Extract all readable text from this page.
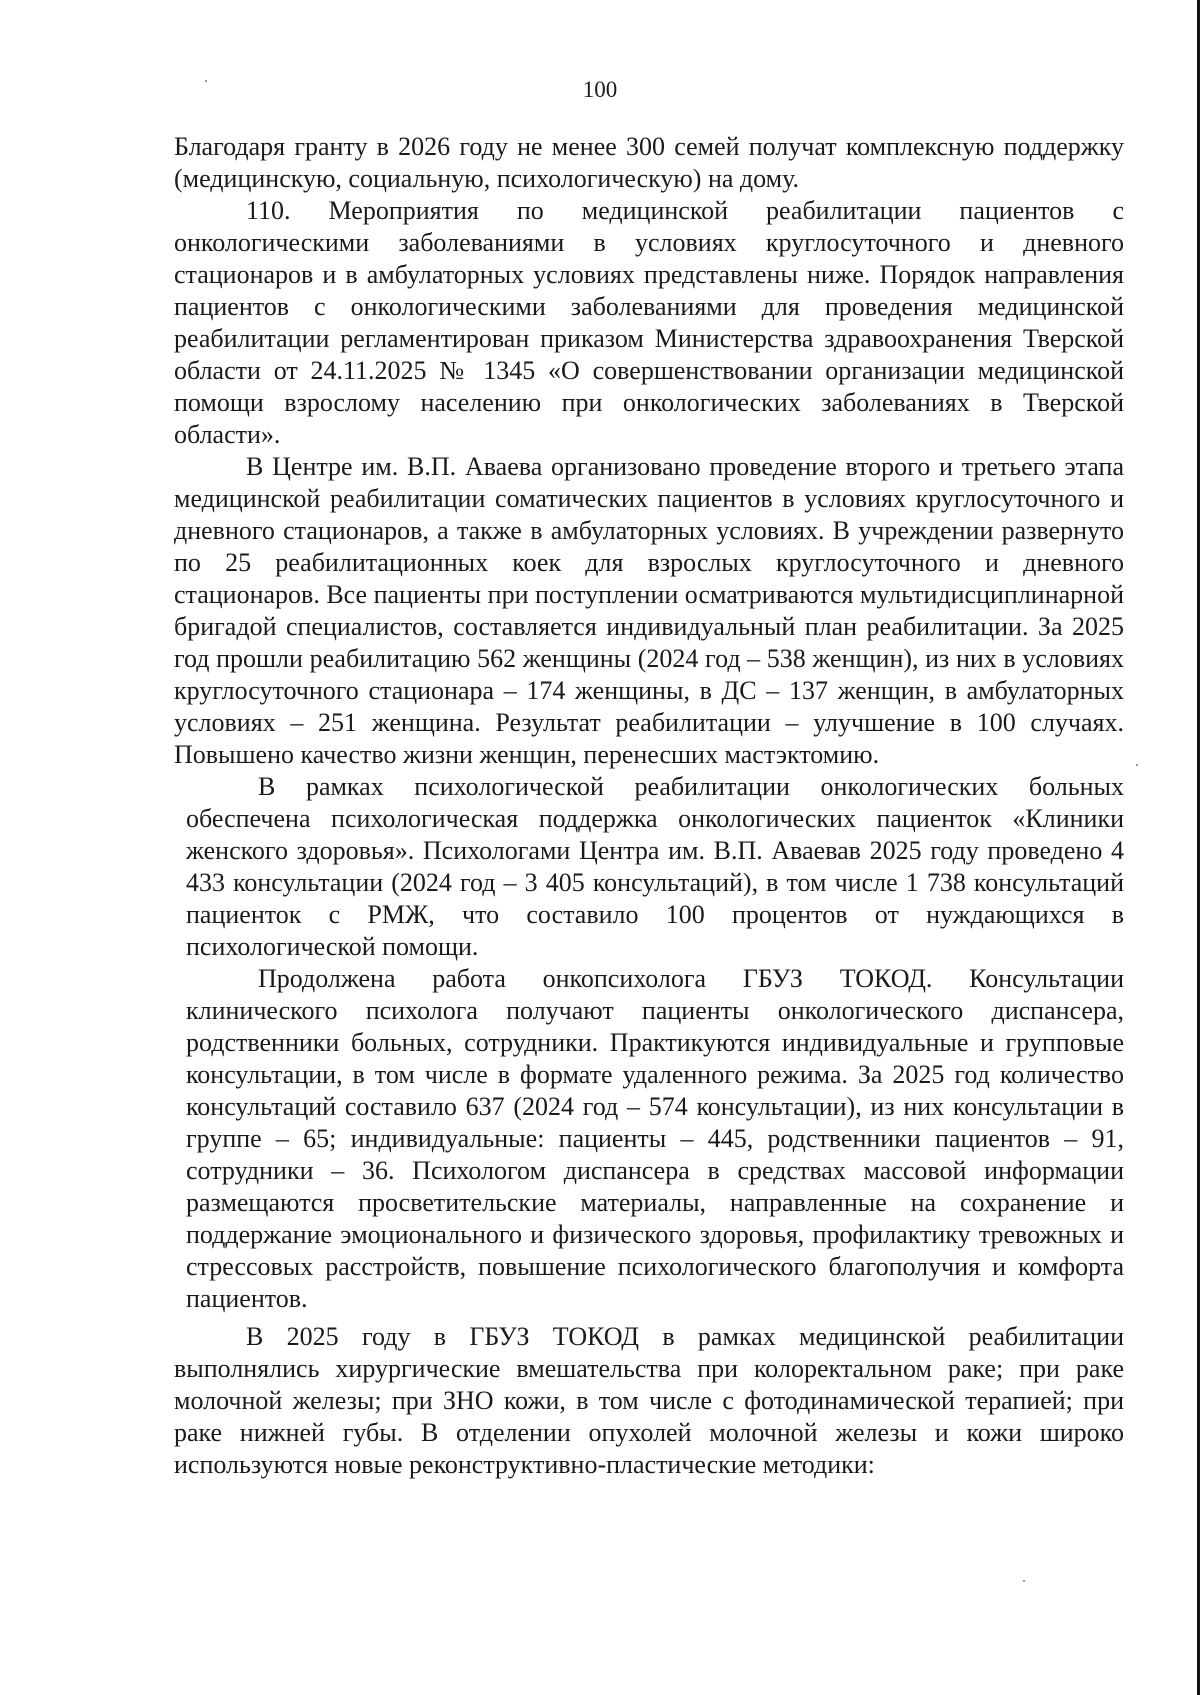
100

Благодаря гранту в 2026 году не менее 300 семей получат комплексную поддержку (медицинскую, социальную, психологическую) на дому.

110. Мероприятия по медицинской реабилитации пациентов с онкологическими заболеваниями в условиях круглосуточного и дневного стационаров и в амбулаторных условиях представлены ниже. Порядок направления пациентов с онкологическими заболеваниями для проведения медицинской реабилитации регламентирован приказом Министерства здравоохранения Тверской области от 24.11.2025 № 1345 «О совершенствовании организации медицинской помощи взрослому населению при онкологических заболеваниях в Тверской области».

В Центре им. В.П. Аваева организовано проведение второго и третьего этапа медицинской реабилитации соматических пациентов в условиях круглосуточного и дневного стационаров, а также в амбулаторных условиях. В учреждении развернуто по 25 реабилитационных коек для взрослых круглосуточного и дневного стационаров. Все пациенты при поступлении осматриваются мультидисциплинарной бригадой специалистов, составляется индивидуальный план реабилитации. За 2025 год прошли реабилитацию 562 женщины (2024 год – 538 женщин), из них в условиях круглосуточного стационара – 174 женщины, в ДС – 137 женщин, в амбулаторных условиях – 251 женщина. Результат реабилитации – улучшение в 100 случаях. Повышено качество жизни женщин, перенесших мастэктомию.

В рамках психологической реабилитации онкологических больных обеспечена психологическая поддержка онкологических пациенток «Клиники женского здоровья». Психологами Центра им. В.П. Аваевав 2025 году проведено 4 433 консультации (2024 год – 3 405 консультаций), в том числе 1 738 консультаций пациенток с РМЖ, что составило 100 процентов от нуждающихся в психологической помощи.

Продолжена работа онкопсихолога ГБУЗ ТОКОД. Консультации клинического психолога получают пациенты онкологического диспансера, родственники больных, сотрудники. Практикуются индивидуальные и групповые консультации, в том числе в формате удаленного режима. За 2025 год количество консультаций составило 637 (2024 год – 574 консультации), из них консультации в группе – 65; индивидуальные: пациенты – 445, родственники пациентов – 91, сотрудники – 36. Психологом диспансера в средствах массовой информации размещаются просветительские материалы, направленные на сохранение и поддержание эмоционального и физического здоровья, профилактику тревожных и стрессовых расстройств, повышение психологического благополучия и комфорта пациентов.

В 2025 году в ГБУЗ ТОКОД в рамках медицинской реабилитации выполнялись хирургические вмешательства при колоректальном раке; при раке молочной железы; при ЗНО кожи, в том числе с фотодинамической терапией; при раке нижней губы. В отделении опухолей молочной железы и кожи широко используются новые реконструктивно-пластические методики:
